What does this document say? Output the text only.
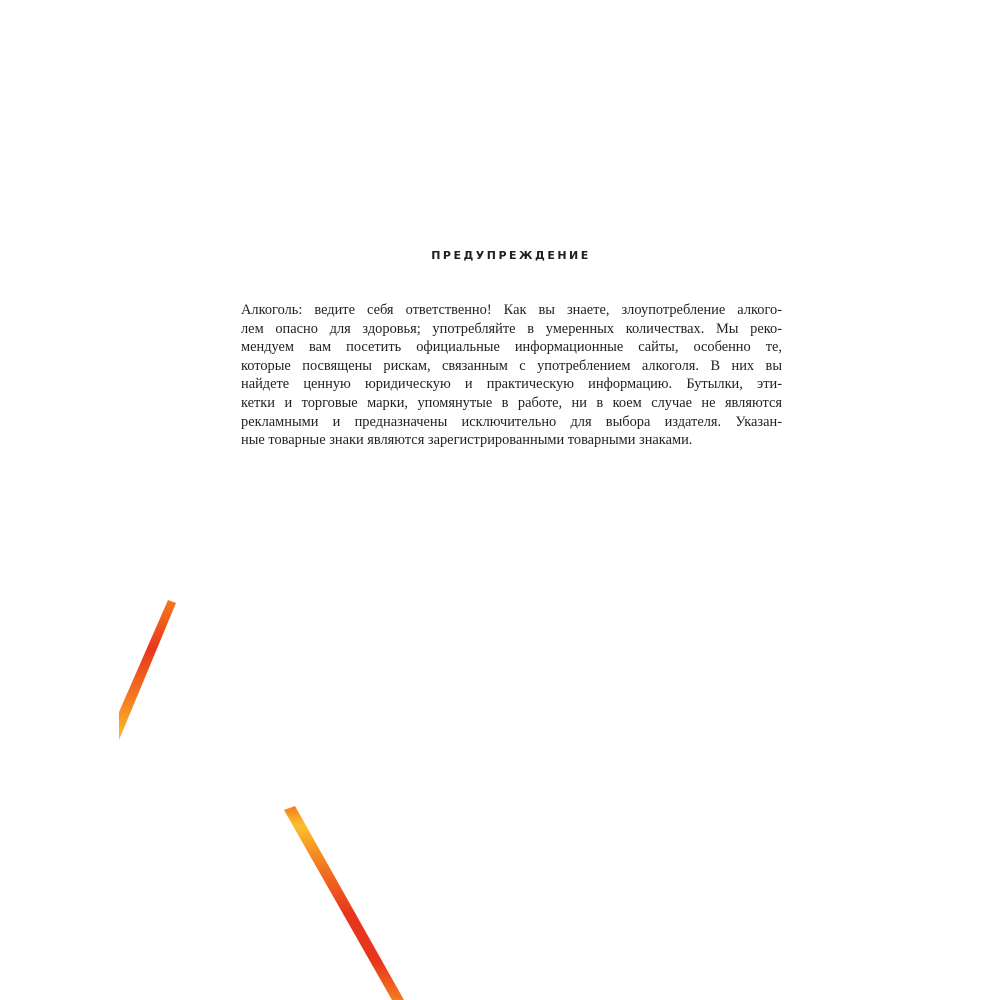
ПРЕДУПРЕЖДЕНИЕ
Алкоголь: ведите себя ответственно! Как вы знаете, злоупотребление алкого-
лем опасно для здоровья; употребляйте в умеренных количествах. Мы реко-
мендуем вам посетить официальные информационные сайты, особенно те,
которые посвящены рискам, связанным с употреблением алкоголя. В них вы
найдете ценную юридическую и практическую информацию. Бутылки, эти-
кетки и торговые марки, упомянутые в работе, ни в коем случае не являются
рекламными и предназначены исключительно для выбора издателя. Указан-
ные товарные знаки являются зарегистрированными товарными знаками.
